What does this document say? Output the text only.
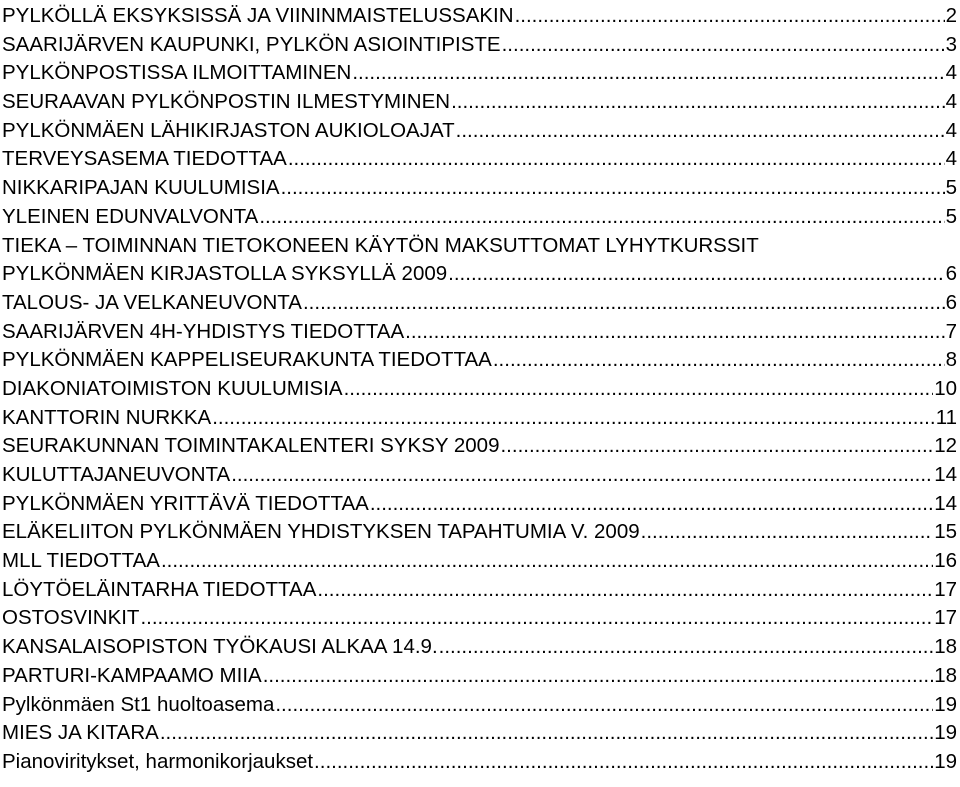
PYLKÖLLÄ EKSYKSISSÄ JA VIININMAISTELUSSAKIN .....	2
SAARIJÄRVEN KAUPUNKI, PYLKÖN ASIOINTIPISTE .....	3
PYLKÖNPOSTISSA ILMOITTAMINEN .....	4
SEURAAVAN PYLKÖNPOSTIN ILMESTYMINEN .....	4
PYLKÖNMÄEN LÄHIKIRJASTON AUKIOLOAJAT .....	4
TERVEYSASEMA TIEDOTTAA .....	4
NIKKARIPAJAN KUULUMISIA .....	5
YLEINEN EDUNVALVONTA .....	5
TIEKA – TOIMINNAN TIETOKONEEN KÄYTÖN MAKSUTTOMAT LYHYTKURSSIT
PYLKÖNMÄEN KIRJASTOLLA SYKSYLLÄ 2009 .....	6
TALOUS- JA VELKANEUVONTA .....	6
SAARIJÄRVEN 4H-YHDISTYS TIEDOTTAA .....	7
PYLKÖNMÄEN KAPPELISEURAKUNTA TIEDOTTAA .....	8
DIAKONIATOIMISTON KUULUMISIA .....	10
KANTTORIN NURKKA .....	11
SEURAKUNNAN TOIMINTAKALENTERI SYKSY 2009 .....	12
KULUTTAJANEUVONTA .....	14
PYLKÖNMÄEN YRITTÄVÄ TIEDOTTAA .....	14
ELÄKELIITON PYLKÖNMÄEN YHDISTYKSEN TAPAHTUMIA V. 2009 .....	15
MLL TIEDOTTAA .....	16
LÖYTÖELÄINTARHA TIEDOTTAA .....	17
OSTOSVINKIT .....	17
KANSALAISOPISTON TYÖKAUSI ALKAA 14.9. .....	18
PARTURI-KAMPAAMO MIIA .....	18
Pylkönmäen St1 huoltoasema .....	19
MIES JA KITARA .....	19
Pianoviritykset, harmonikorjaukset .....	19
